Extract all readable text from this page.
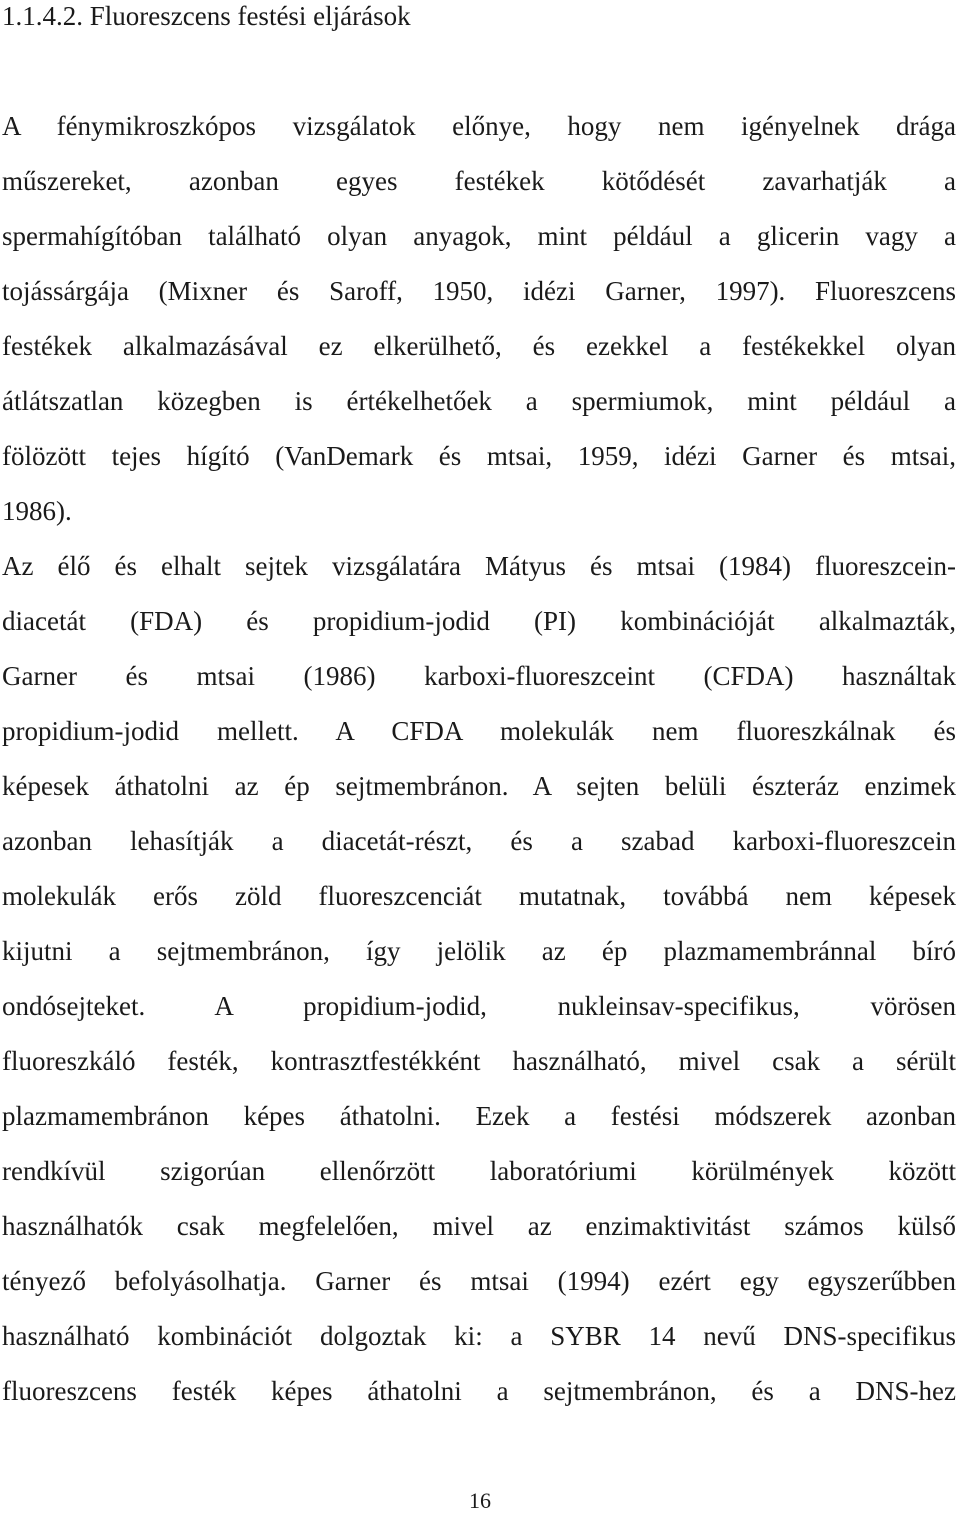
1.1.4.2. Fluoreszcens festési eljárások
A fénymikroszkópos vizsgálatok előnye, hogy nem igényelnek drága
műszereket, azonban egyes festékek kötődését zavarhatják a
spermahígítóban található olyan anyagok, mint például a glicerin vagy a
tojássárgája (Mixner és Saroff, 1950, idézi Garner, 1997). Fluoreszcens
festékek alkalmazásával ez elkerülhető, és ezekkel a festékekkel olyan
átlátszatlan közegben is értékelhetőek a spermiumok, mint például a
fölözött tejes hígító (VanDemark és mtsai, 1959, idézi Garner és mtsai,
1986).
Az élő és elhalt sejtek vizsgálatára Mátyus és mtsai (1984) fluoreszcein-
diacetát (FDA) és propidium-jodid (PI) kombinációját alkalmazták,
Garner és mtsai (1986) karboxi-fluoreszceint (CFDA) használtak
propidium-jodid mellett. A CFDA molekulák nem fluoreszkálnak és
képesek áthatolni az ép sejtmembránon. A sejten belüli észteráz enzimek
azonban lehasítják a diacetát-részt, és a szabad karboxi-fluoreszcein
molekulák erős zöld fluoreszcenciát mutatnak, továbbá nem képesek
kijutni a sejtmembránon, így jelölik az ép plazmamembránnal bíró
ondósejteket. A propidium-jodid, nukleinsav-specifikus, vörösen
fluoreszkáló festék, kontrasztfestékként használható, mivel csak a sérült
plazmamembránon képes áthatolni. Ezek a festési módszerek azonban
rendkívül szigorúan ellenőrzött laboratóriumi körülmények között
használhatók csak megfelelően, mivel az enzimaktivitást számos külső
tényező befolyásolhatja. Garner és mtsai (1994) ezért egy egyszerűbben
használható kombinációt dolgoztak ki: a SYBR 14 nevű DNS-specifikus
fluoreszcens festék képes áthatolni a sejtmembránon, és a DNS-hez
16
